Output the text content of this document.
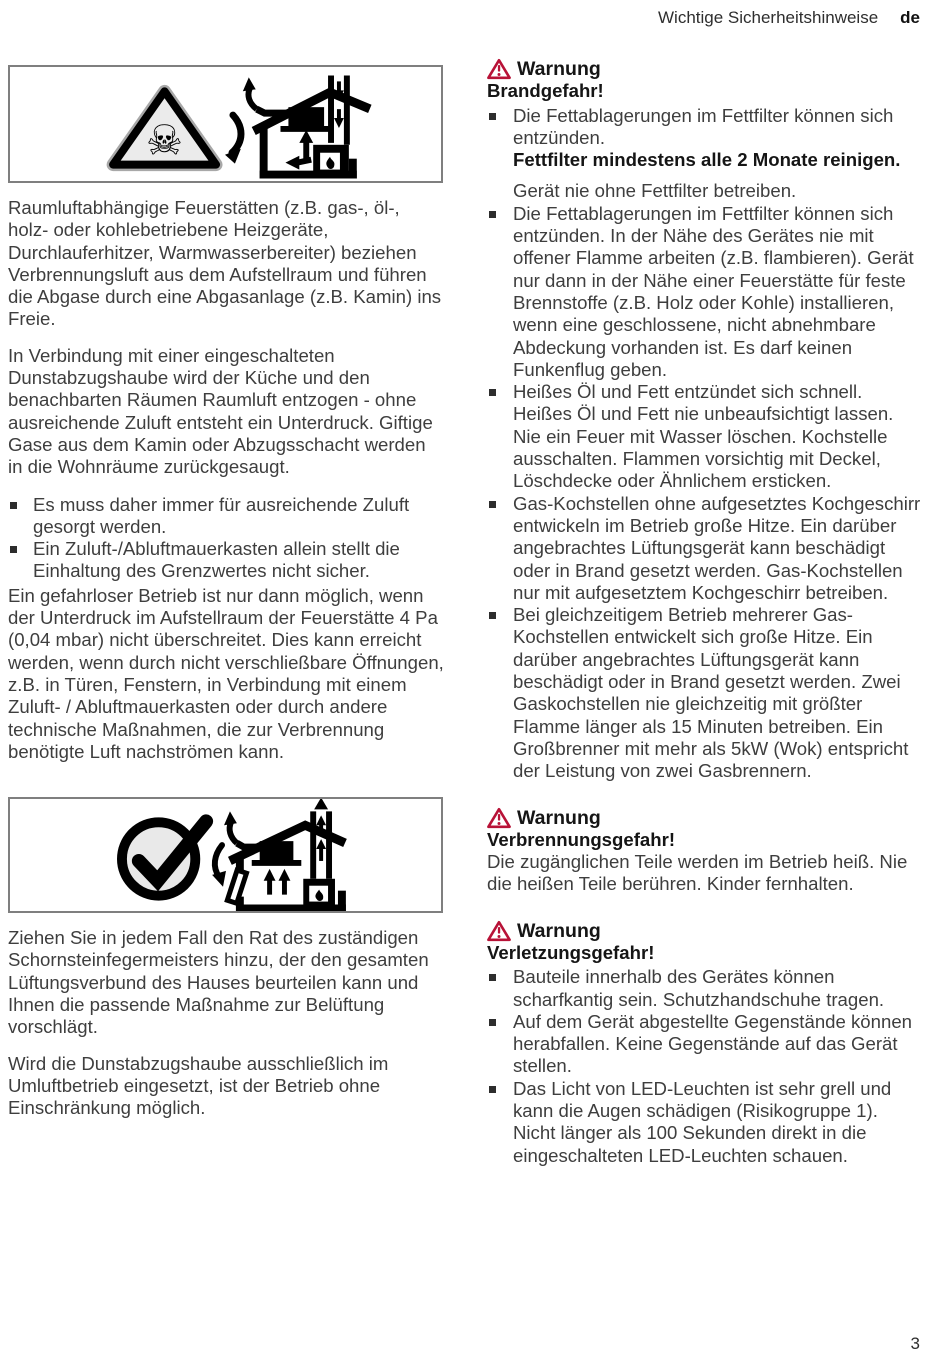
Wichtige Sicherheitshinweise de
☠

Raumluftabhängige Feuerstätten (z.B. gas-, öl-, holz- oder kohlebetriebene Heizgeräte, Durchlauferhitzer, Warmwasserbereiter) beziehen Verbrennungsluft aus dem Aufstellraum und führen die Abgase durch eine Abgasanlage (z.B. Kamin) ins Freie.

In Verbindung mit einer eingeschalteten Dunstabzugshaube wird der Küche und den benachbarten Räumen Raumluft entzogen - ohne ausreichende Zuluft entsteht ein Unterdruck. Giftige Gase aus dem Kamin oder Abzugsschacht werden in die Wohnräume zurückgesaugt.

Es muss daher immer für ausreichende Zuluft gesorgt werden.
Ein Zuluft-/Abluftmauerkasten allein stellt die Einhaltung des Grenzwertes nicht sicher.

Ein gefahrloser Betrieb ist nur dann möglich, wenn der Unterdruck im Aufstellraum der Feuerstätte 4 Pa (0,04 mbar) nicht überschreitet. Dies kann erreicht werden, wenn durch nicht verschließbare Öffnungen, z.B. in Türen, Fenstern, in Verbindung mit einem Zuluft- / Abluftmauerkasten oder durch andere technische Maßnahmen, die zur Verbrennung benötigte Luft nachströmen kann.

Ziehen Sie in jedem Fall den Rat des zuständigen Schornsteinfegermeisters hinzu, der den gesamten Lüftungsverbund des Hauses beurteilen kann und Ihnen die passende Maßnahme zur Belüftung vorschlägt.

Wird die Dunstabzugshaube ausschließlich im Umluftbetrieb eingesetzt, ist der Betrieb ohne Einschränkung möglich.

Warnung
Brandgefahr!
Die Fettablagerungen im Fettfilter können sich entzünden.
Fettfilter mindestens alle 2 Monate reinigen.
Gerät nie ohne Fettfilter betreiben.
Die Fettablagerungen im Fettfilter können sich entzünden. In der Nähe des Gerätes nie mit offener Flamme arbeiten (z.B. flambieren). Gerät nur dann in der Nähe einer Feuerstätte für feste Brennstoffe (z.B. Holz oder Kohle) installieren, wenn eine geschlossene, nicht abnehmbare Abdeckung vorhanden ist. Es darf keinen Funkenflug geben.
Heißes Öl und Fett entzündet sich schnell. Heißes Öl und Fett nie unbeaufsichtigt lassen. Nie ein Feuer mit Wasser löschen. Kochstelle ausschalten. Flammen vorsichtig mit Deckel, Löschdecke oder Ähnlichem ersticken.
Gas-Kochstellen ohne aufgesetztes Kochgeschirr entwickeln im Betrieb große Hitze. Ein darüber angebrachtes Lüftungsgerät kann beschädigt oder in Brand gesetzt werden. Gas-Kochstellen nur mit aufgesetztem Kochgeschirr betreiben.
Bei gleichzeitigem Betrieb mehrerer Gas-Kochstellen entwickelt sich große Hitze. Ein darüber angebrachtes Lüftungsgerät kann beschädigt oder in Brand gesetzt werden. Zwei Gaskochstellen nie gleichzeitig mit größter Flamme länger als 15 Minuten betreiben. Ein Großbrenner mit mehr als 5kW (Wok) entspricht der Leistung von zwei Gasbrennern.
Warnung
Verbrennungsgefahr!
Die zugänglichen Teile werden im Betrieb heiß. Nie die heißen Teile berühren. Kinder fernhalten.
Warnung
Verletzungsgefahr!
Bauteile innerhalb des Gerätes können scharfkantig sein. Schutzhandschuhe tragen.
Auf dem Gerät abgestellte Gegenstände können herabfallen. Keine Gegenstände auf das Gerät stellen.
Das Licht von LED-Leuchten ist sehr grell und kann die Augen schädigen (Risikogruppe 1). Nicht länger als 100 Sekunden direkt in die eingeschalteten LED-Leuchten schauen.
3
